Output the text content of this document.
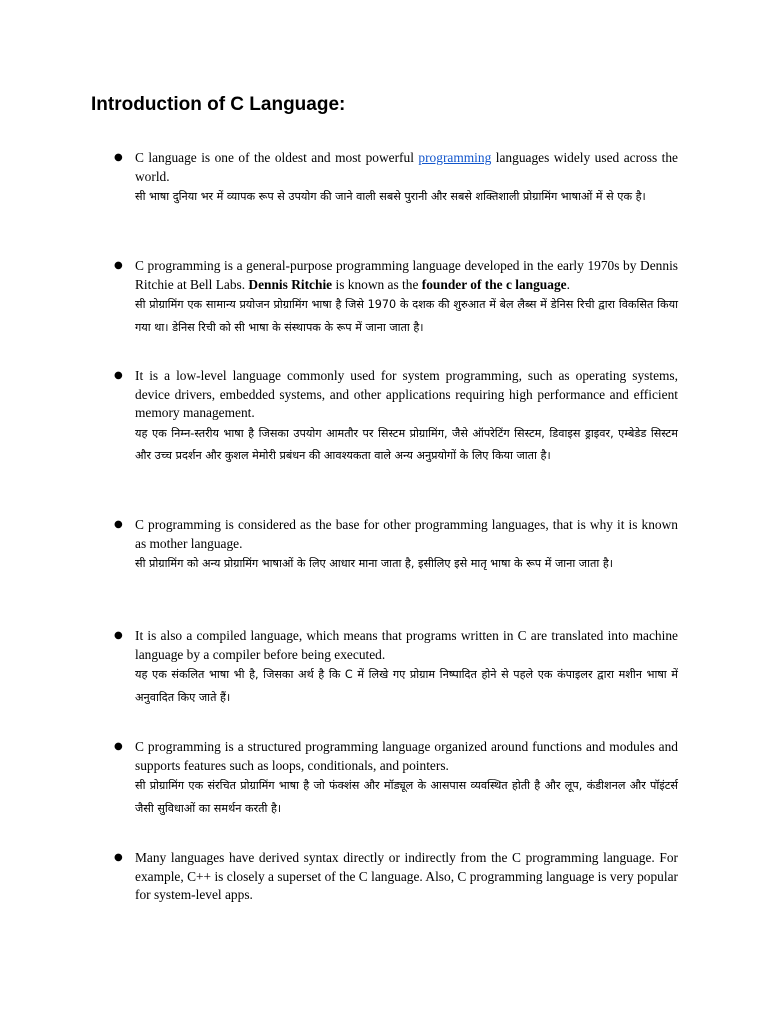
Introduction of C Language:
● C language is one of the oldest and most powerful programming languages widely used across the world.

सी भाषा दुनिया भर में व्यापक रूप से उपयोग की जाने वाली सबसे पुरानी और सबसे शक्तिशाली प्रोग्रामिंग भाषाओं में से एक है।

● C programming is a general-purpose programming language developed in the early 1970s by Dennis Ritchie at Bell Labs. Dennis Ritchie is known as the founder of the c language.

सी प्रोग्रामिंग एक सामान्य प्रयोजन प्रोग्रामिंग भाषा है जिसे 1970 के दशक की शुरुआत में बेल लैब्स में डेनिस रिची द्वारा विकसित किया गया था। डेनिस रिची को सी भाषा के संस्थापक के रूप में जाना जाता है।

● It is a low-level language commonly used for system programming, such as operating systems, device drivers, embedded systems, and other applications requiring high performance and efficient memory management.

यह एक निम्न-स्तरीय भाषा है जिसका उपयोग आमतौर पर सिस्टम प्रोग्रामिंग, जैसे ऑपरेटिंग सिस्टम, डिवाइस ड्राइवर, एम्बेडेड सिस्टम और उच्च प्रदर्शन और कुशल मेमोरी प्रबंधन की आवश्यकता वाले अन्य अनुप्रयोगों के लिए किया जाता है।

● C programming is considered as the base for other programming languages, that is why it is known as mother language.

सी प्रोग्रामिंग को अन्य प्रोग्रामिंग भाषाओं के लिए आधार माना जाता है, इसीलिए इसे मातृ भाषा के रूप में जाना जाता है।

● It is also a compiled language, which means that programs written in C are translated into machine language by a compiler before being executed.

यह एक संकलित भाषा भी है, जिसका अर्थ है कि C में लिखे गए प्रोग्राम निष्पादित होने से पहले एक कंपाइलर द्वारा मशीन भाषा में अनुवादित किए जाते हैं।

● C programming is a structured programming language organized around functions and modules and supports features such as loops, conditionals, and pointers.

सी प्रोग्रामिंग एक संरचित प्रोग्रामिंग भाषा है जो फंक्शंस और मॉड्यूल के आसपास व्यवस्थित होती है और लूप, कंडीशनल और पॉइंटर्स जैसी सुविधाओं का समर्थन करती है।

● Many languages have derived syntax directly or indirectly from the C programming language. For example, C++ is closely a superset of the C language. Also, C programming language is very popular for system-level apps.
